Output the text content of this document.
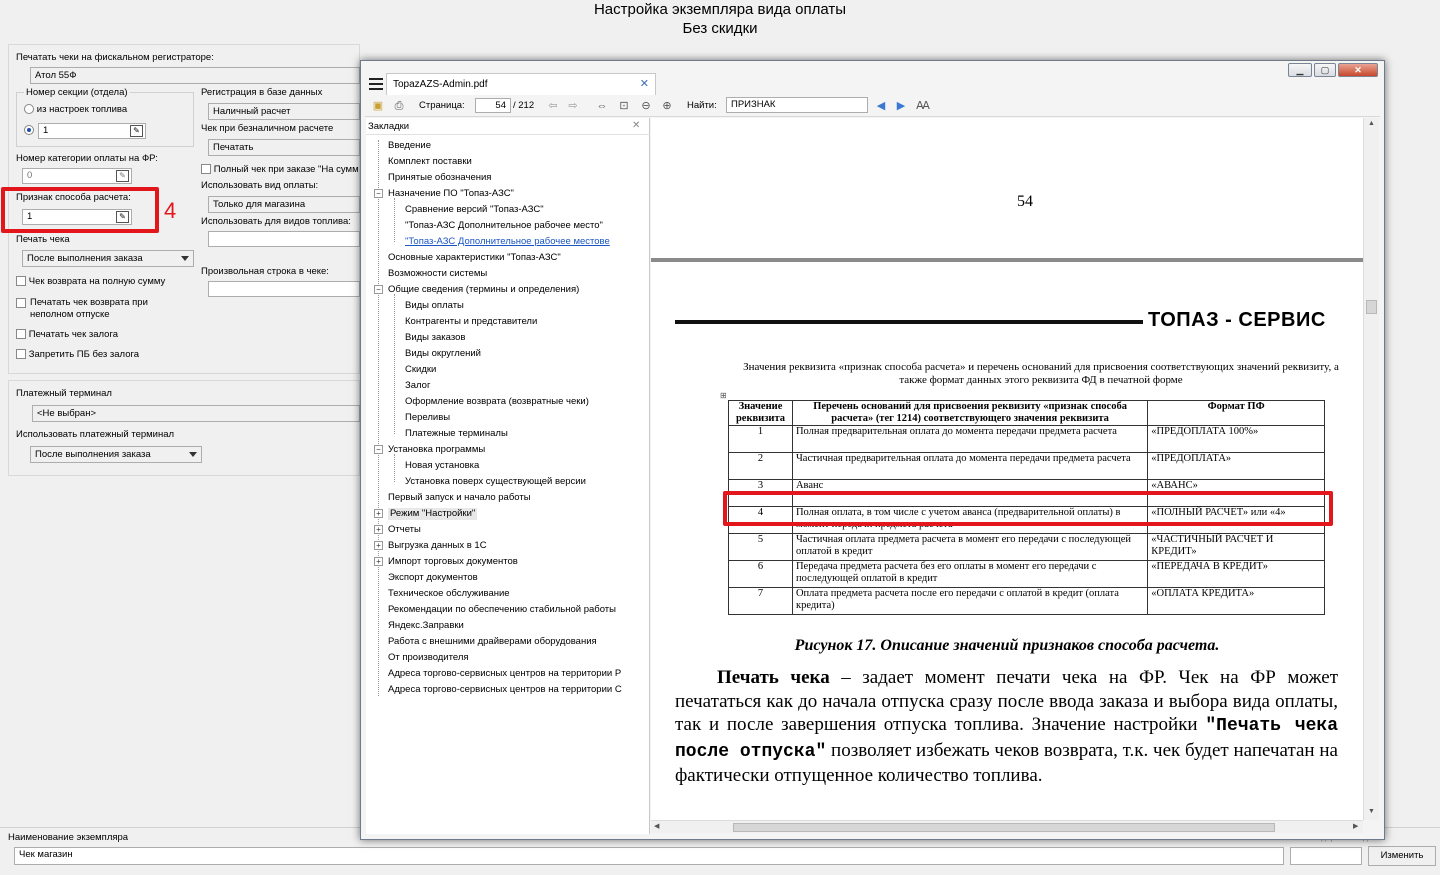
Настройка экземпляра вида оплаты
Без скидки
Печатать чеки на фискальном регистраторе:
Атол 55Ф
Номер секции (отдела)
из настроек топлива
1	✎
Номер категории оплаты на ФР:
0	✎
Признак способа расчета:
1	✎ 4
Печать чека
После выполнения заказа
Чек возврата на полную сумму
Печатать чек возврата при неполном отпуске
Печатать чек залога
Запретить ПБ без залога
Регистрация в базе данных
Наличный расчет
Чек при безналичном расчете
Печатать
Полный чек при заказе "На сумм
Использовать вид оплаты:
Только для магазина
Использовать для видов топлива:
Произвольная строка в чеке:
Платежный терминал
<Не выбран>
Использовать платежный терминал
После выполнения заказа
Наименование экземпляра
Чек магазин	Изменить
▁	▢	✕
TopazAZS-Admin.pdf	✕
▣ ⎙ Страница:	54 / 212 ⇦ ⇨ ⇔ ⊡ ⊖ ⊕ Найти:	ПРИЗНАК	◀ ▶ Ꜳ
Закладки	✕
Введение
Комплект поставки
Принятые обозначения
− Назначение ПО "Топаз-АЗС"
Сравнение версий "Топаз-АЗС"
"Топаз-АЗС Дополнительное рабочее место"
"Топаз-АЗС Дополнительное рабочее местове
Основные характеристики "Топаз-АЗС"
Возможности системы
− Общие сведения (термины и определения)
Виды оплаты
Контрагенты и представители
Виды заказов
Виды округлений
Скидки
Залог
Оформление возврата (возвратные чеки)
Переливы
Платежные терминалы
− Установка программы
Новая установка
Установка поверх существующей версии
Первый запуск и начало работы
+ Режим "Настройки"
+ Отчеты
+ Выгрузка данных в 1С
+ Импорт торговых документов
Экспорт документов
Техническое обслуживание
Рекомендации по обеспечению стабильной работы
Яндекс.Заправки
Работа с внешними драйверами оборудования
От производителя
Адреса торгово-сервисных центров на территории Р
Адреса торгово-сервисных центров на территории С
54
ТОПАЗ - СЕРВИС
Значения реквизита «признак способа расчета» и перечень оснований для присвоения соответствующих значений реквизиту, а также формат данных этого реквизита ФД в печатной форме
⊞
Значение реквизита	Перечень оснований для присвоения реквизиту «признак способа расчета» (тег 1214) соответствующего значения реквизита	Формат ПФ
1	Полная предварительная оплата до момента передачи предмета расчета	«ПРЕДОПЛАТА 100%»
2	Частичная предварительная оплата до момента передачи предмета расчета	«ПРЕДОПЛАТА»
3	Аванс	«АВАНС»
4	Полная оплата, в том числе с учетом аванса (предварительной оплаты) в момент передачи предмета расчета	«ПОЛНЫЙ РАСЧЕТ» или «4»
5	Частичная оплата предмета расчета в момент его передачи с последующей оплатой в кредит	«ЧАСТИЧНЫЙ РАСЧЕТ И КРЕДИТ»
6	Передача предмета расчета без его оплаты в момент его передачи с последующей оплатой в кредит	«ПЕРЕДАЧА В КРЕДИТ»
7	Оплата предмета расчета после его передачи с оплатой в кредит (оплата кредита)	«ОПЛАТА КРЕДИТА»
Рисунок 17. Описание значений признаков способа расчета.
Печать чека – задает момент печати чека на ФР. Чек на ФР может печататься как до начала отпуска сразу после ввода заказа и выбора вида оплаты, так и после завершения отпуска топлива. Значение настройки "Печать чека после отпуска" позволяет избежать чеков возврата, т.к. чек будет напечатан на фактически отпущенное количество топлива.
▲
▼
◀	▶
